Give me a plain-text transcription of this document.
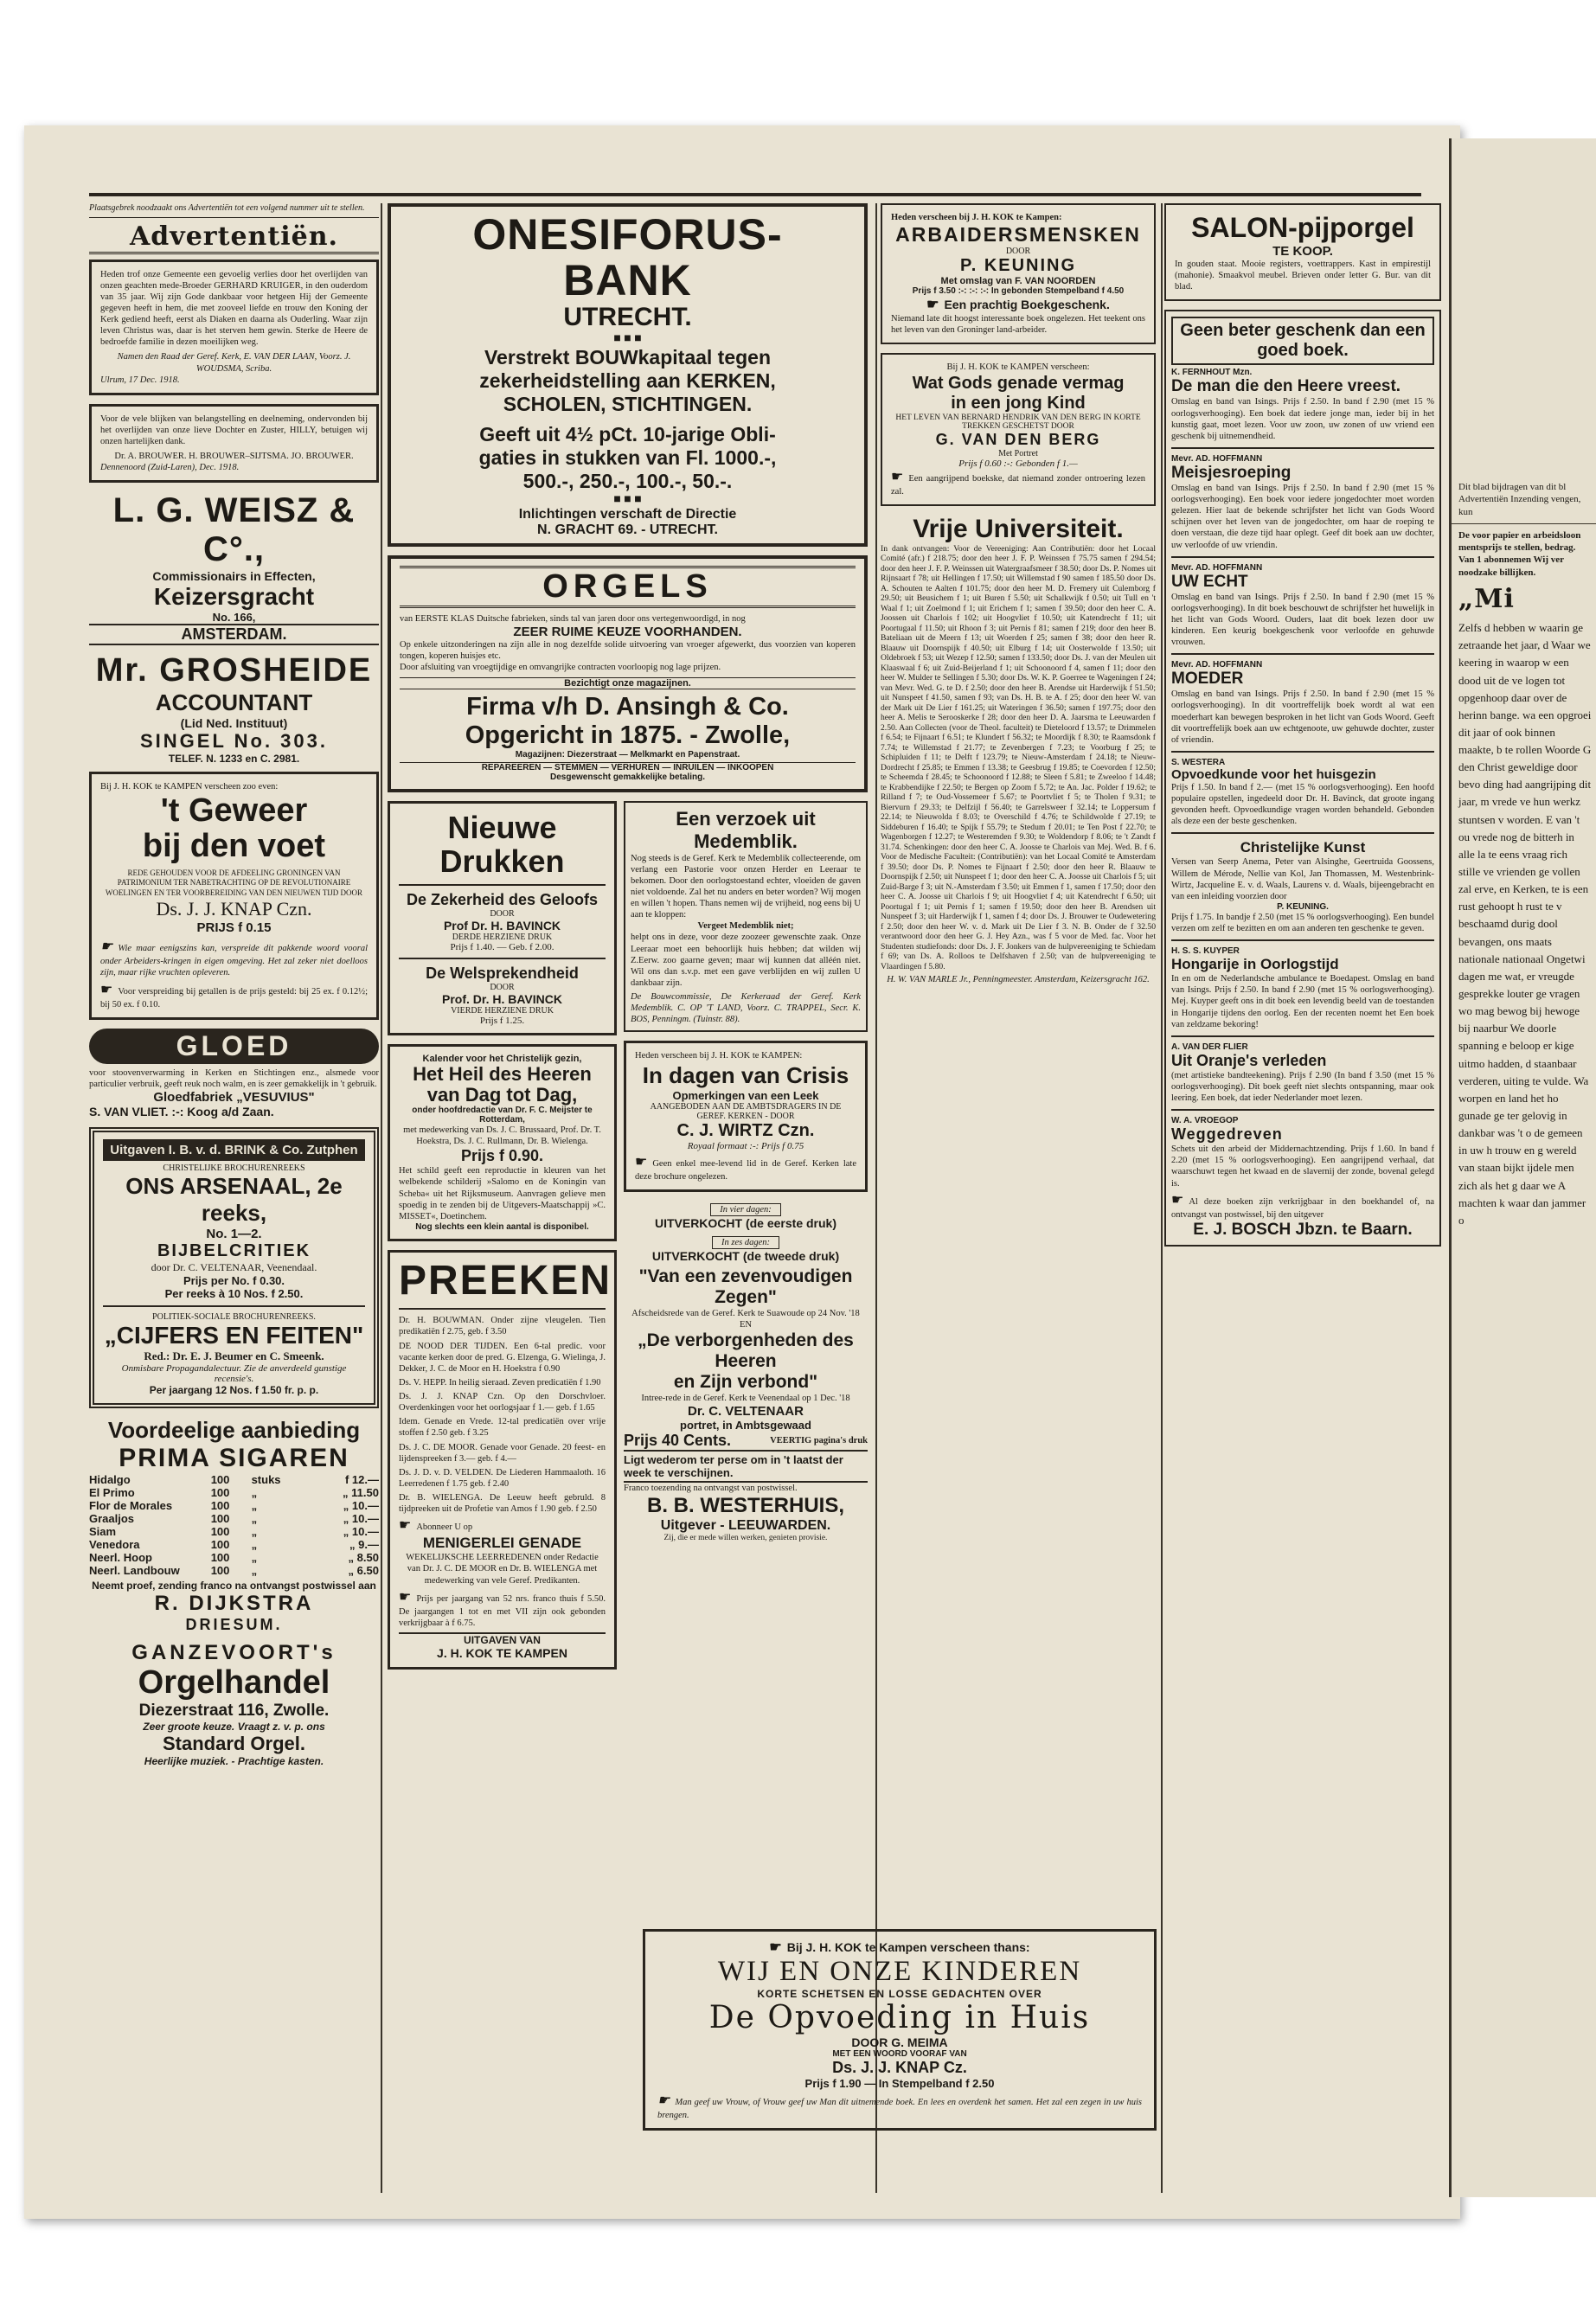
Plaatsgebrek noodzaakt ons Advertentiën tot een volgend nummer uit te stellen.
Advertentiën.
Heden trof onze Gemeente een gevoelig verlies door het overlijden van onzen geachten mede-Broeder GERHARD KRUIGER, in den ouderdom van 35 jaar. Wij zijn Gode dankbaar voor hetgeen Hij der Gemeente gegeven heeft in hem, die met zooveel liefde en trouw den Koning der Kerk gediend heeft, eerst als Diaken en daarna als Ouderling. Waar zijn leven Christus was, daar is het sterven hem gewin. Sterke de Heere de bedroefde familie in dezen moeilijken weg.
Namen den Raad der Geref. Kerk, E. VAN DER LAAN, Voorz. J. WOUDSMA, Scriba.
Ulrum, 17 Dec. 1918.
Voor de vele blijken van belangstelling en deelneming, ondervonden bij het overlijden van onze lieve Dochter en Zuster, HILLY, betuigen wij onzen hartelijken dank.
Dr. A. BROUWER. H. BROUWER–SIJTSMA. JO. BROUWER.
Dennenoord (Zuid-Laren), Dec. 1918.
L. G. WEISZ & C°.,
Commissionairs in Effecten,
Keizersgracht
No. 166,
AMSTERDAM.
Mr. GROSHEIDE
ACCOUNTANT
(Lid Ned. Instituut)
SINGEL No. 303.
TELEF. N. 1233 en C. 2981.
Bij J. H. KOK te KAMPEN verscheen zoo even:
't Geweer
bij den voet
REDE GEHOUDEN VOOR DE AFDEELING GRONINGEN VAN PATRIMONIUM TER NABETRACHTING OP DE REVOLUTIONAIRE WOELINGEN EN TER VOORBEREIDING VAN DEN NIEUWEN TIJD DOOR
Ds. J. J. KNAP Czn.
PRIJS f 0.15
☛ Wie maar eenigszins kan, verspreide dit pakkende woord vooral onder Arbeiders-kringen in eigen omgeving. Het zal zeker niet doelloos zijn, maar rijke vruchten opleveren.
☛ Voor verspreiding bij getallen is de prijs gesteld: bij 25 ex. f 0.12½; bij 50 ex. f 0.10.
GLOED
voor stoovenverwarming in Kerken en Stichtingen enz., alsmede voor particulier verbruik, geeft reuk noch walm, en is zeer gemakkelijk in 't gebruik.
Gloedfabriek „VESUVIUS"
S. VAN VLIET. :-: Koog a/d Zaan.
Uitgaven I. B. v. d. BRINK & Co. Zutphen
CHRISTELIJKE BROCHURENREEKS
ONS ARSENAAL, 2e reeks,
No. 1—2.
BIJBELCRITIEK
door Dr. C. VELTENAAR, Veenendaal.
Prijs per No. f 0.30.
Per reeks à 10 Nos. f 2.50.
POLITIEK-SOCIALE BROCHURENREEKS.
„CIJFERS EN FEITEN"
Red.: Dr. E. J. Beumer en C. Smeenk.
Onmisbare Propagandalectuur. Zie de anverdeeld gunstige recensie's.
Per jaargang 12 Nos. f 1.50 fr. p. p.
Voordeelige aanbieding
PRIMA SIGAREN
Hidalgo	100	stuks	f 12.—
El Primo	100	„	„ 11.50
Flor de Morales	100	„	„ 10.—
Graaljos	100	„	„ 10.—
Siam	100	„	„ 10.—
Venedora	100	„	„ 9.—
Neerl. Hoop	100	„	„ 8.50
Neerl. Landbouw	100	„	„ 6.50
Neemt proef, zending franco na ontvangst postwissel aan
R. DIJKSTRA
DRIESUM.
GANZEVOORT's
Orgelhandel
Diezerstraat 116, Zwolle.
Zeer groote keuze. Vraagt z. v. p. ons
Standard Orgel.
Heerlijke muziek. - Prachtige kasten.
ONESIFORUS-BANK
UTRECHT.
■ ■ ■
Verstrekt BOUWkapitaal tegen
zekerheidstelling aan KERKEN,
SCHOLEN, STICHTINGEN.
Geeft uit 4½ pCt. 10-jarige Obli-
gaties in stukken van Fl. 1000.-,
500.-, 250.-, 100.-, 50.-.
■ ■ ■
Inlichtingen verschaft de Directie
N. GRACHT 69. - UTRECHT.
ORGELS
van EERSTE KLAS Duitsche fabrieken, sinds tal van jaren door ons vertegenwoordigd, in nog
ZEER RUIME KEUZE VOORHANDEN.
Op enkele uitzonderingen na zijn alle in nog dezelfde solide uitvoering van vroeger afgewerkt, dus voorzien van koperen tongen, koperen huisjes etc.
Door afsluiting van vroegtijdige en omvangrijke contracten voorloopig nog lage prijzen.
Bezichtigt onze magazijnen.
Firma v/h D. Ansingh & Co.
Opgericht in 1875. - Zwolle,
Magazijnen: Diezerstraat — Melkmarkt en Papenstraat.
REPAREEREN — STEMMEN — VERHUREN — INRUILEN — INKOOPEN
Desgewenscht gemakkelijke betaling.
Nieuwe Drukken
De Zekerheid des Geloofs
DOOR
Prof Dr. H. BAVINCK
DERDE HERZIENE DRUK
Prijs f 1.40. — Geb. f 2.00.
De Welsprekendheid
DOOR
Prof. Dr. H. BAVINCK
VIERDE HERZIENE DRUK
Prijs f 1.25.
Kalender voor het Christelijk gezin,
Het Heil des Heeren van Dag tot Dag,
onder hoofdredactie van Dr. F. C. Meijster te Rotterdam,
met medewerking van Ds. J. C. Brussaard, Prof. Dr. T. Hoekstra, Ds. J. C. Rullmann, Dr. B. Wielenga.
Prijs f 0.90.
Het schild geeft een reproductie in kleuren van het welbekende schilderij »Salomo en de Koningin van Scheba« uit het Rijksmuseum. Aanvragen gelieve men spoedig in te zenden bij de Uitgevers-Maatschappij »C. MISSET«, Doetinchem.
Nog slechts een klein aantal is disponibel.
PREEKEN
Dr. H. BOUWMAN. Onder zijne vleugelen. Tien predikatiën f 2.75, geb. f 3.50
DE NOOD DER TIJDEN. Een 6-tal predic. voor vacante kerken door de pred. G. Elzenga, G. Wielinga, J. Dekker, J. C. de Moor en H. Hoekstra f 0.90
Ds. V. HEPP. In heilig sieraad. Zeven predicatiën f 1.90
Ds. J. J. KNAP Czn. Op den Dorschvloer. Overdenkingen voor het oorlogsjaar f 1.— geb. f 1.65
Idem. Genade en Vrede. 12-tal predicatiën over vrije stoffen f 2.50 geb. f 3.25
Ds. J. C. DE MOOR. Genade voor Genade. 20 feest- en lijdenspreeken f 3.— geb. f 4.—
Ds. J. D. v. D. VELDEN. De Liederen Hammaaloth. 16 Leerredenen f 1.75 geb. f 2.40
Dr. B. WIELENGA. De Leeuw heeft gebruld. 8 tijdpreeken uit de Profetie van Amos f 1.90 geb. f 2.50
☛ Abonneer U op
MENIGERLEI GENADE
WEKELIJKSCHE LEERREDENEN onder Redactie van Dr. J. C. DE MOOR en Dr. B. WIELENGA met medewerking van vele Geref. Predikanten.
☛ Prijs per jaargang van 52 nrs. franco thuis f 5.50. De jaargangen 1 tot en met VII zijn ook gebonden verkrijgbaar à f 6.75.
UITGAVEN VAN
J. H. KOK TE KAMPEN
Een verzoek uit Medemblik.
Nog steeds is de Geref. Kerk te Medemblik collecteerende, om verlang een Pastorie voor onzen Herder en Leeraar te bekomen. Door den oorlogstoestand echter, vloeiden de gaven niet voldoende. Zal het nu anders en beter worden? Wij mogen en willen 't hopen. Thans nemen wij de vrijheid, nog eens bij U aan te kloppen:
Vergeet Medemblik niet;
helpt ons in deze, voor deze zoozeer gewenschte zaak. Onze Leeraar moet een behoorlijk huis hebben; dat wilden wij Z.Eerw. zoo gaarne geven; maar wij kunnen dat alléén niet. Wil ons dan s.v.p. met een gave verblijden en wij zullen U dankbaar zijn.
De Bouwcommissie, De Kerkeraad der Geref. Kerk Medemblik. C. OP 'T LAND, Voorz. C. TRAPPEL, Secr. K. BOS, Penningm. (Tuinstr. 88).
Heden verscheen bij J. H. KOK te KAMPEN:
In dagen van Crisis
Opmerkingen van een Leek
AANGEBODEN AAN DE AMBTSDRAGERS IN DE GEREF. KERKEN - DOOR
C. J. WIRTZ Czn.
Royaal formaat :-: Prijs f 0.75
☛ Geen enkel mee-levend lid in de Geref. Kerken late deze brochure ongelezen.
In vier dagen:
UITVERKOCHT (de eerste druk)
In zes dagen:
UITVERKOCHT (de tweede druk)
"Van een zevenvoudigen Zegen"
Afscheidsrede van de Geref. Kerk te Suawoude op 24 Nov. '18
EN
„De verborgenheden des Heeren
en Zijn verbond"
Intree-rede in de Geref. Kerk te Veenendaal op 1 Dec. '18
Dr. C. VELTENAAR
portret, in Ambtsgewaad
Prijs 40 Cents.	VEERTIG pagina's druk
Ligt wederom ter perse om in 't laatst der week te verschijnen.
Franco toezending na ontvangst van postwissel.
B. B. WESTERHUIS,
Uitgever - LEEUWARDEN.
Zij, die er mede willen werken, genieten provisie.
Heden verscheen bij J. H. KOK te Kampen:
ARBAIDERSMENSKEN
DOOR
P. KEUNING
Met omslag van F. VAN NOORDEN
Prijs f 3.50 :-: :-: :-: In gebonden Stempelband f 4.50
☛ Een prachtig Boekgeschenk.
Niemand late dit hoogst interessante boek ongelezen. Het teekent ons het leven van den Groninger land-arbeider.
Bij J. H. KOK te KAMPEN verscheen:
Wat Gods genade vermag
in een jong Kind
HET LEVEN VAN BERNARD HENDRIK VAN DEN BERG IN KORTE TREKKEN GESCHETST DOOR
G. VAN DEN BERG
Met Portret
Prijs f 0.60 :-: Gebonden f 1.—
☛ Een aangrijpend boekske, dat niemand zonder ontroering lezen zal.
Vrije Universiteit.
In dank ontvangen: Voor de Vereeniging: Aan Contributiën: door het Locaal Comité (afr.) f 218.75; door den heer J. F. P. Weinssen f 75.75 samen f 294.54; door den heer J. F. P. Weinssen uit Watergraafsmeer f 38.50; door Ds. P. Nomes uit Rijnsaart f 78; uit Hellingen f 17.50; uit Willemstad f 90 samen f 185.50 door Ds. A. Schouten te Aalten f 101.75; door den heer M. D. Fremery uit Culemborg f 29.50; uit Beusichem f 1; uit Buren f 5.50; uit Schalkwijk f 0.50; uit Tull en 't Waal f 1; uit Zoelmond f 1; uit Erichem f 1; samen f 39.50; door den heer C. A. Joossen uit Charlois f 102; uit Hoogvliet f 10.50; uit Katendrecht f 11; uit Poortugaal f 11.50; uit Rhoon f 3; uit Pernis f 81; samen f 219; door den heer B. Bateliaan uit de Meern f 13; uit Woerden f 25; samen f 38; door den heer R. Blaauw uit Doornspijk f 40.50; uit Elburg f 14; uit Oosterwolde f 13.50; uit Oldebroek f 53; uit Wezep f 12.50; samen f 133.50; door Ds. J. van der Meulen uit Klaaswaal f 6; uit Zuid-Beijerland f 1; uit Schoonoord f 4, samen f 11; door den heer W. Mulder te Sellingen f 5.30; door Ds. W. K. P. Goerree te Wageningen f 24; van Mevr. Wed. G. te D. f 2.50; door den heer B. Arendse uit Harderwijk f 51.50; uit Nunspeet f 41.50, samen f 93; van Ds. H. B. te A. f 25; door den heer W. van der Mark uit De Lier f 161.25; uit Wateringen f 36.50; samen f 197.75; door den heer A. Melis te Serooskerke f 28; door den heer D. A. Jaarsma te Leeuwarden f 2.50. Aan Collecten (voor de Theol. faculteit) te Dieteloord f 13.57; te Drimmelen f 6.54; te Fijnaart f 6.51; te Klundert f 56.32; te Moordijk f 8.30; te Raamsdonk f 7.74; te Willemstad f 21.77; te Zevenbergen f 7.23; te Voorburg f 25; te Schipluiden f 11; te Delft f 123.79; te Nieuw-Amsterdam f 24.18; te Nieuw-Dordrecht f 25.85; te Emmen f 13.38; te Geesbrug f 19.85; te Coevorden f 12.50; te Scheemda f 28.45; te Schoonoord f 12.88; te Sleen f 5.81; te Zweeloo f 14.48; te Krabbendijke f 22.50; te Bergen op Zoom f 5.72; te An. Jac. Polder f 19.62; te Rilland f 7; te Oud-Vossemeer f 5.67; te Poortvliet f 5; te Tholen f 9.31; te Biervurn f 29.33; te Delfzijl f 56.40; te Garrelsweer f 32.14; te Loppersum f 22.14; te Nieuwolda f 8.03; te Overschild f 4.76; te Schildwolde f 27.19; te Siddeburen f 16.40; te Spijk f 55.79; te Stedum f 20.01; te Ten Post f 22.70; te Wagenborgen f 12.27; te Westeremden f 9.30; te Woldendorp f 8.06; te 't Zandt f 31.74. Schenkingen: door den heer C. A. Joosse te Charlois van Mej. Wed. B. f 6. Voor de Medische Faculteit: (Contributiën): van het Locaal Comité te Amsterdam f 39.50; door Ds. P. Nomes te Fijnaart f 2.50; door den heer R. Blaauw te Doornspijk f 2.50; uit Nunspeet f 1; door den heer C. A. Joosse uit Charlois f 5; uit Zuid-Barge f 3; uit N.-Amsterdam f 3.50; uit Emmen f 1, samen f 17.50; door den heer C. A. Joosse uit Charlois f 9; uit Hoogvliet f 4; uit Katendrecht f 6.50; uit Poortugal f 1; uit Pernis f 1; samen f 19.50; door den heer B. Arendsen uit Nunspeet f 3; uit Harderwijk f 1, samen f 4; door Ds. J. Brouwer te Oudewetering f 2.50; door den heer W. v. d. Mark uit De Lier f 3. N. B. Onder de f 32.50 verantwoord door den heer G. J. Hey Azn., was f 5 voor de Med. fac. Voor het Studenten studiefonds: door Ds. J. F. Jonkers van de hulpvereeniging te Schiedam f 69; van Ds. A. Rolloos te Delfshaven f 2.50; van de hulpvereeniging te Vlaardingen f 5.80.
H. W. VAN MARLE Jr., Penningmeester. Amsterdam, Keizersgracht 162.
SALON-pijporgel
TE KOOP.
In gouden staat. Mooie registers, voettrappers. Kast in empirestijl (mahonie). Smaakvol meubel. Brieven onder letter G. Bur. van dit blad.
Geen beter geschenk dan een goed boek.
K. FERNHOUT Mzn.
De man die den Heere vreest.
Omslag en band van Isings. Prijs f 2.50. In band f 2.90 (met 15 % oorlogsverhooging). Een boek dat iedere jonge man, ieder bij in het kunstig gaat, moet lezen. Voor uw zoon, uw zonen of uw vriend een geschenk bij uitnemendheid.
Mevr. AD. HOFFMANN
Meisjesroeping
Omslag en band van Isings. Prijs f 2.50. In band f 2.90 (met 15 % oorlogsverhooging). Een boek voor iedere jongedochter moet worden gelezen. Hier laat de bekende schrijfster het licht van Gods Woord schijnen over het leven van de jongedochter, om haar de roeping te doen verstaan, die deze tijd haar oplegt. Geef dit boek aan uw dochter, uw verloofde of uw vriendin.
Mevr. AD. HOFFMANN
UW ECHT
Omslag en band van Isings. Prijs f 2.50. In band f 2.90 (met 15 % oorlogsverhooging). In dit boek beschouwt de schrijfster het huwelijk in het licht van Gods Woord. Ouders, laat dit boek lezen door uw kinderen. Een keurig boekgeschenk voor verloofde en gehuwde vrouwen.
Mevr. AD. HOFFMANN
MOEDER
Omslag en band van Isings. Prijs f 2.50. In band f 2.90 (met 15 % oorlogsverhooging). In dit voortreffelijk boek wordt al wat een moederhart kan bewegen besproken in het licht van Gods Woord. Geeft dit voortreffelijk boek aan uw echtgenoote, uw gehuwde dochter, zuster of vriendin.
S. WESTERA
Opvoedkunde voor het huisgezin
Prijs f 1.50. In band f 2.— (met 15 % oorlogsverhooging). Een hoofd populaire opstellen, ingedeeld door Dr. H. Bavinck, dat groote ingang gevonden heeft. Opvoedkundige vragen worden behandeld. Gebonden als deze een der beste geschenken.
Christelijke Kunst
Versen van Seerp Anema, Peter van Alsinghe, Geertruida Goossens, Willem de Mérode, Nellie van Kol, Jan Thomassen, M. Westenbrink-Wirtz, Jacqueline E. v. d. Waals, Laurens v. d. Waals, bijeengebracht en van een inleiding voorzien door
P. KEUNING.
Prijs f 1.75. In bandje f 2.50 (met 15 % oorlogsverhooging). Een bundel verzen om zelf te bezitten en om aan anderen ten geschenke te geven.
H. S. S. KUYPER
Hongarije in Oorlogstijd
In en om de Nederlandsche ambulance te Boedapest. Omslag en band van Isings. Prijs f 2.50. In band f 2.90 (met 15 % oorlogsverhooging). Mej. Kuyper geeft ons in dit boek een levendig beeld van de toestanden in Hongarije tijdens den oorlog. Een der recenten noemt het Een boek van zeldzame bekoring!
A. VAN DER FLIER
Uit Oranje's verleden
(met artistieke bandteekening). Prijs f 2.90 (In band f 3.50 (met 15 % oorlogsverhooging). Dit boek geeft niet slechts ontspanning, maar ook leering. Een boek, dat ieder Nederlander moet lezen.
W. A. VROEGOP
Weggedreven
Schets uit den arbeid der Middernachtzending. Prijs f 1.60. In band f 2.20 (met 15 % oorlogsverhooging). Een aangrijpend verhaal, dat waarschuwt tegen het kwaad en de slavernij der zonde, bovenal gelegd is.
☛ Al deze boeken zijn verkrijgbaar in den boekhandel of, na ontvangst van postwissel, bij den uitgever
E. J. BOSCH Jbzn. te Baarn.
☛ Bij J. H. KOK te Kampen verscheen thans:
WIJ EN ONZE KINDEREN
KORTE SCHETSEN EN LOSSE GEDACHTEN OVER
De Opvoeding in Huis
DOOR G. MEIMA
MET EEN WOORD VOORAF VAN
Ds. J. J. KNAP Cz.
Prijs f 1.90 — In Stempelband f 2.50
☛ Man geef uw Vrouw, of Vrouw geef uw Man dit uitnemende boek. En lees en overdenk het samen. Het zal een zegen in uw huis brengen.
Dit blad bijdragen van dit bl Advertentiën Inzending vengen, kun
De voor papier en arbeidsloon mentsprijs te stellen, bedrag. Van 1 abonnemen Wij ver noodzake billijken.
„Mi
Zelfs d hebben w waarin ge zetraande het jaar, d Waar we keering in waarop w een dood uit de ve logen tot opgenhoop daar over de herinn bange. wa een opgroei dit jaar of ook binnen maakte, b te rollen Woorde G den Christ geweldige door bevo ding had aangrijping dit jaar, m vrede ve hun werkz stuntsen v worden. E van 't ou vrede nog de bitterh in alle la te eens vraag rich stille ve vrienden ge vollen zal erve, en Kerken, te is een rust gehoopt h rust te v beschaamd durig dool bevangen, ons maats nationale nationaal Ongetwi dagen me wat, er vreugde gesprekke louter ge vragen wo mag bewog bij hewoge bij naarbur We doorle spanning e beloop er kige uitmo hadden, d staanbaar verderen, uiting te vulde. Wa worpen en land het ho gunade ge ter gelovig in dankbar was 't o de gemeen in uw h trouw en g wereld van staan bijkt ijdele men zich als het g daar we A machten k waar dan jammer o
